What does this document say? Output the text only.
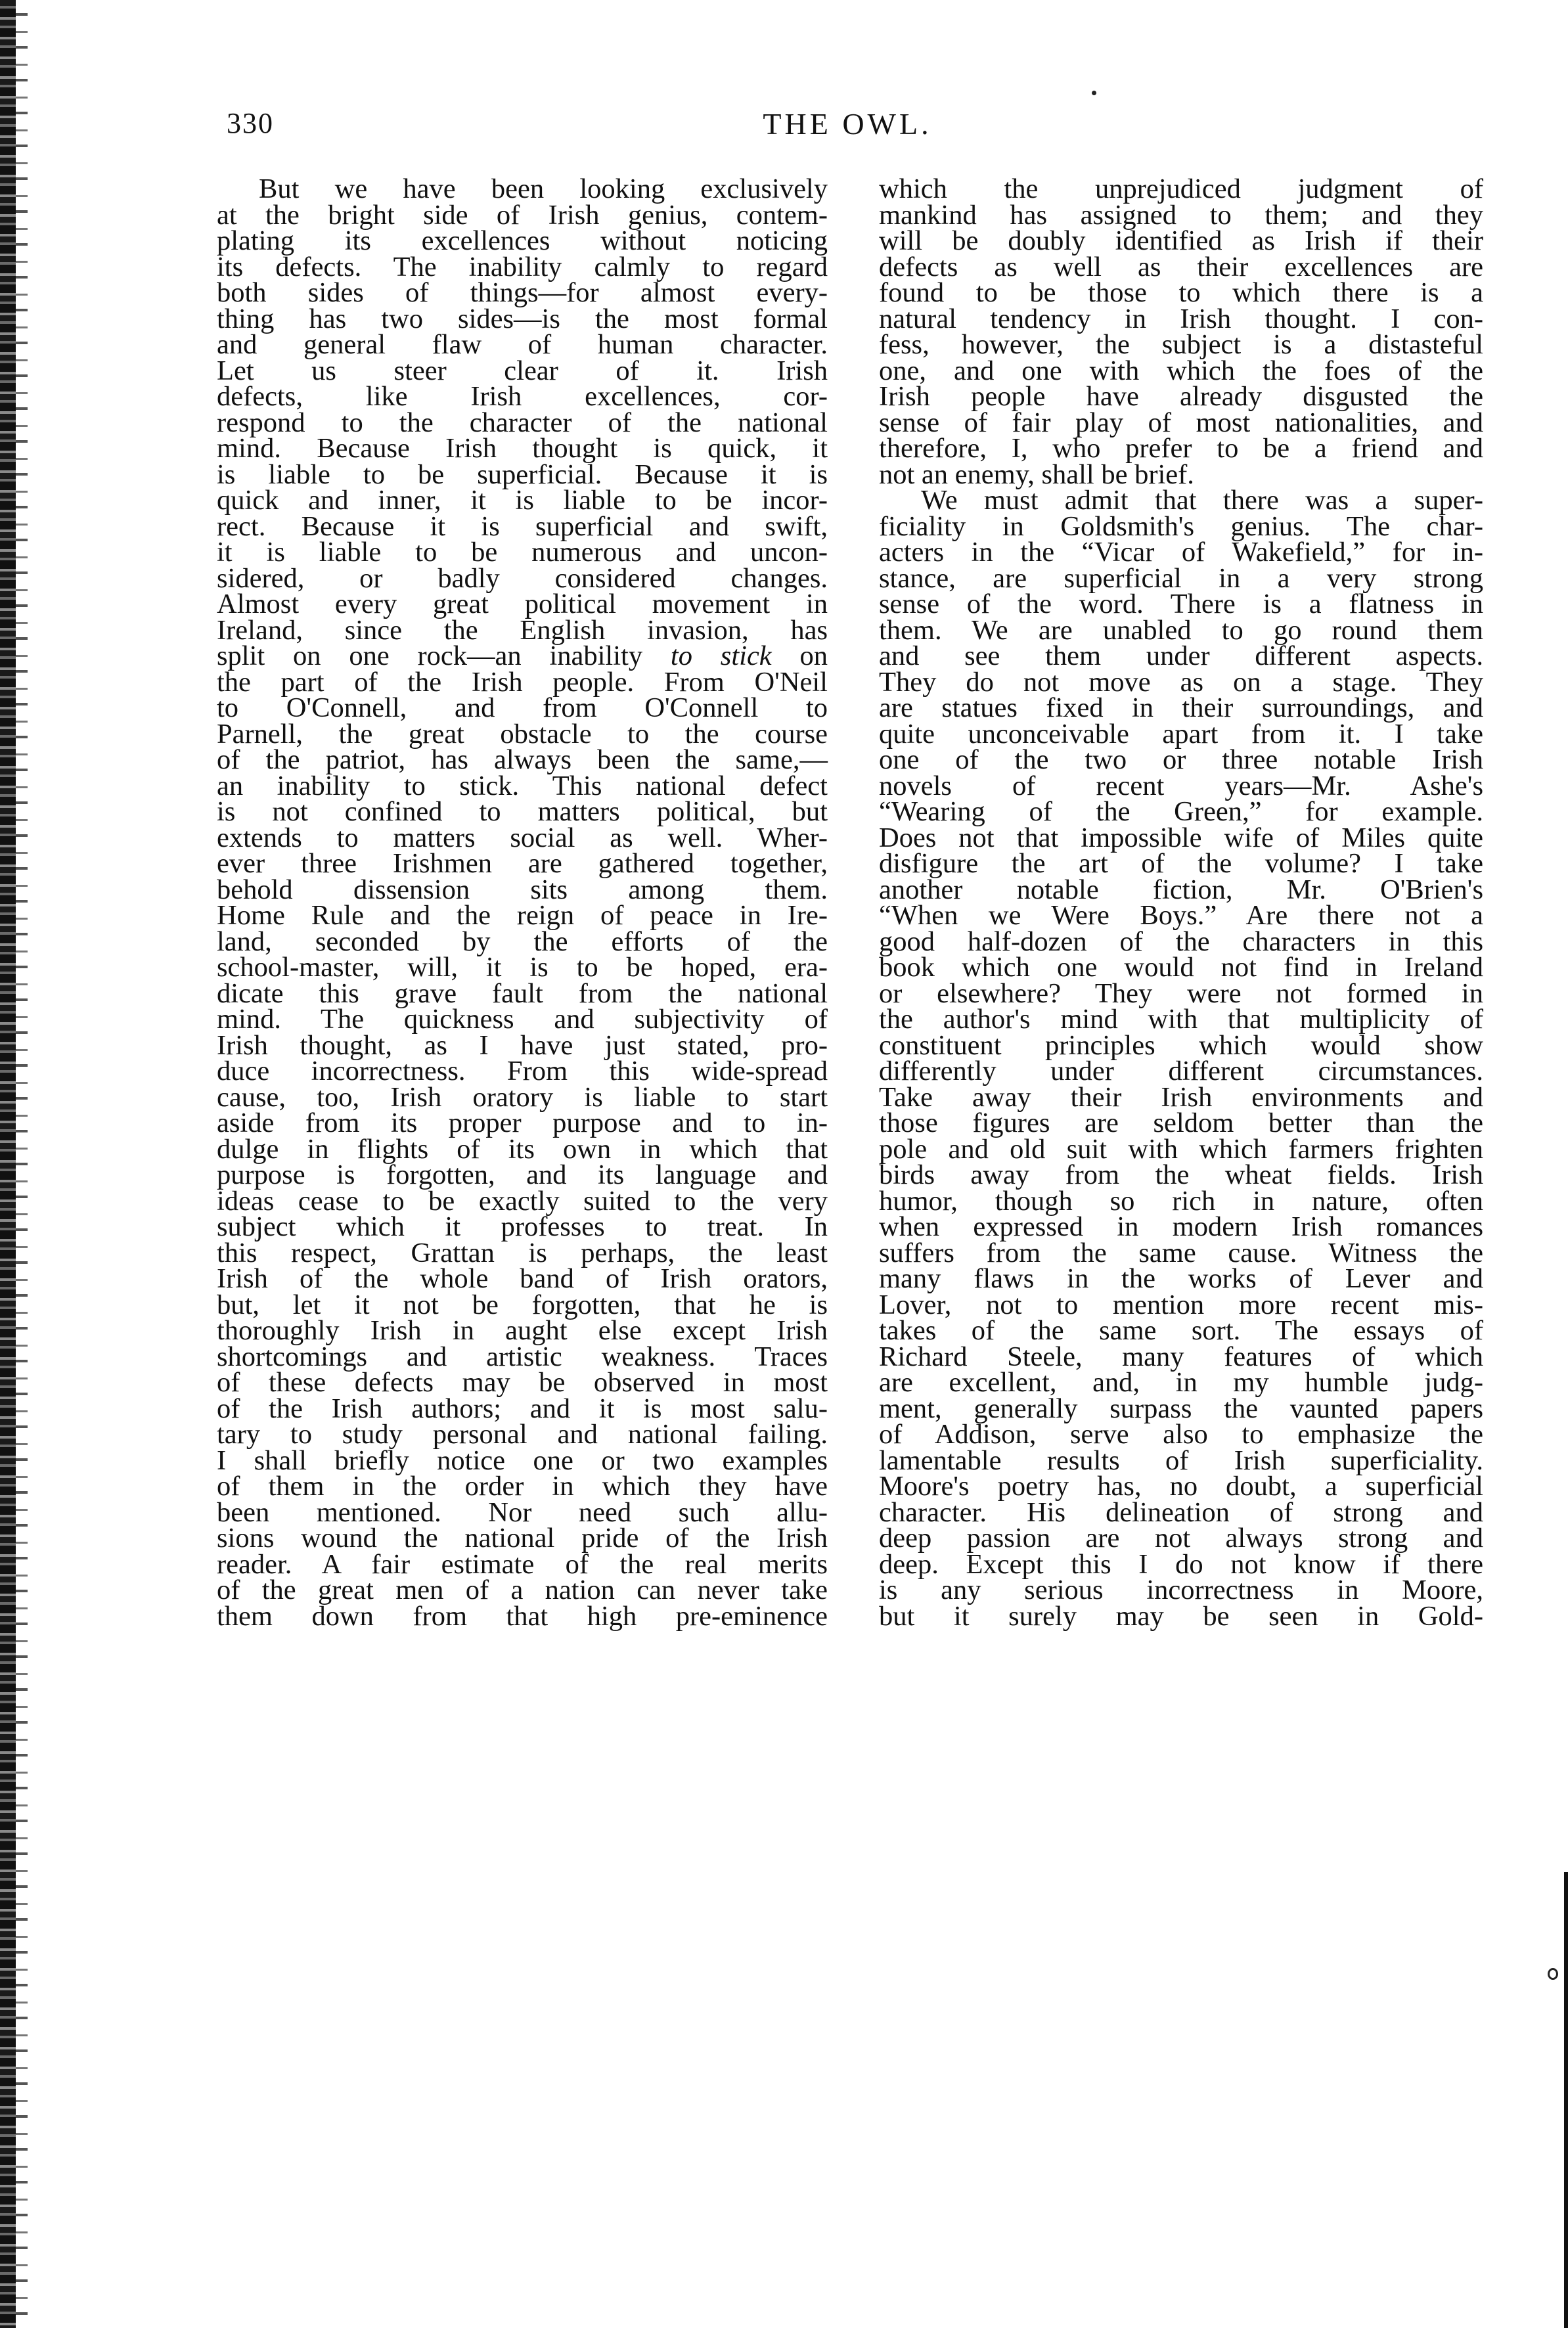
330	THE OWL.
But we have been looking exclusively
at the bright side of Irish genius, contem-
plating its excellences without noticing
its defects. The inability calmly to regard
both sides of things—for almost every-
thing has two sides—is the most formal
and general flaw of human character.
Let us steer clear of it. Irish
defects, like Irish excellences, cor-
respond to the character of the national
mind. Because Irish thought is quick, it
is liable to be superficial. Because it is
quick and inner, it is liable to be incor-
rect. Because it is superficial and swift,
it is liable to be numerous and uncon-
sidered, or badly considered changes.
Almost every great political movement in
Ireland, since the English invasion, has
split on one rock—an inability to stick on
the part of the Irish people. From O'Neil
to O'Connell, and from O'Connell to
Parnell, the great obstacle to the course
of the patriot, has always been the same,—
an inability to stick. This national defect
is not confined to matters political, but
extends to matters social as well. Wher-
ever three Irishmen are gathered together,
behold dissension sits among them.
Home Rule and the reign of peace in Ire-
land, seconded by the efforts of the
school-master, will, it is to be hoped, era-
dicate this grave fault from the national
mind. The quickness and subjectivity of
Irish thought, as I have just stated, pro-
duce incorrectness. From this wide-spread
cause, too, Irish oratory is liable to start
aside from its proper purpose and to in-
dulge in flights of its own in which that
purpose is forgotten, and its language and
ideas cease to be exactly suited to the very
subject which it professes to treat. In
this respect, Grattan is perhaps, the least
Irish of the whole band of Irish orators,
but, let it not be forgotten, that he is
thoroughly Irish in aught else except Irish
shortcomings and artistic weakness. Traces
of these defects may be observed in most
of the Irish authors; and it is most salu-
tary to study personal and national failing.
I shall briefly notice one or two examples
of them in the order in which they have
been mentioned. Nor need such allu-
sions wound the national pride of the Irish
reader. A fair estimate of the real merits
of the great men of a nation can never take
them down from that high pre-eminence
which the unprejudiced judgment of
mankind has assigned to them; and they
will be doubly identified as Irish if their
defects as well as their excellences are
found to be those to which there is a
natural tendency in Irish thought. I con-
fess, however, the subject is a distasteful
one, and one with which the foes of the
Irish people have already disgusted the
sense of fair play of most nationalities, and
therefore, I, who prefer to be a friend and
not an enemy, shall be brief.
We must admit that there was a super-
ficiality in Goldsmith's genius. The char-
acters in the “Vicar of Wakefield,” for in-
stance, are superficial in a very strong
sense of the word. There is a flatness in
them. We are unabled to go round them
and see them under different aspects.
They do not move as on a stage. They
are statues fixed in their surroundings, and
quite unconceivable apart from it. I take
one of the two or three notable Irish
novels of recent years—Mr. Ashe's
“Wearing of the Green,” for example.
Does not that impossible wife of Miles quite
disfigure the art of the volume? I take
another notable fiction, Mr. O'Brien's
“When we Were Boys.” Are there not a
good half-dozen of the characters in this
book which one would not find in Ireland
or elsewhere? They were not formed in
the author's mind with that multiplicity of
constituent principles which would show
differently under different circumstances.
Take away their Irish environments and
those figures are seldom better than the
pole and old suit with which farmers frighten
birds away from the wheat fields. Irish
humor, though so rich in nature, often
when expressed in modern Irish romances
suffers from the same cause. Witness the
many flaws in the works of Lever and
Lover, not to mention more recent mis-
takes of the same sort. The essays of
Richard Steele, many features of which
are excellent, and, in my humble judg-
ment, generally surpass the vaunted papers
of Addison, serve also to emphasize the
lamentable results of Irish superficiality.
Moore's poetry has, no doubt, a superficial
character. His delineation of strong and
deep passion are not always strong and
deep. Except this I do not know if there
is any serious incorrectness in Moore,
but it surely may be seen in Gold-
